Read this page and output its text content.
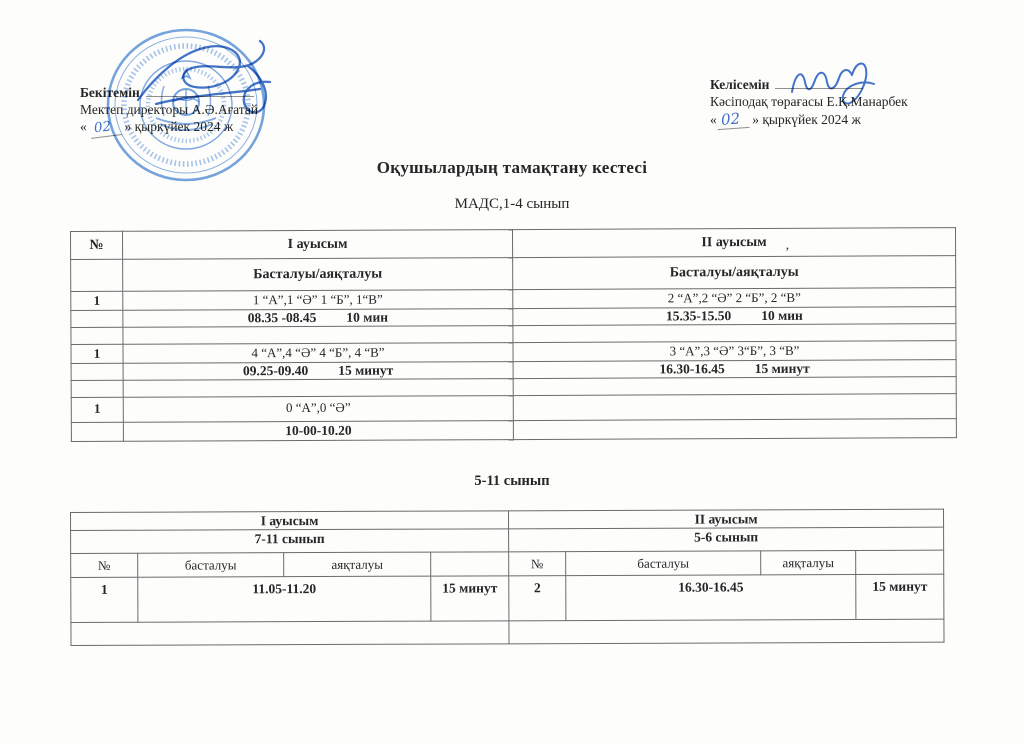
Бекітемін
Мектеп директоры А.Ә.Ағатай
« 02 » қыркүйек 2024 ж
Келісемін
Кәсіподақ төрағасы Е.Қ.Манарбек
« 02 » қыркүйек 2024 ж
Оқушылардың тамақтану кестесі
МАДС,1-4 сынып
‚
№	I ауысым	II ауысым
	Басталуы/аяқталуы	Басталуы/аяқталуы
1	1 “А”,1 “Ә” 1 “Б”, 1“В”	2 “А”,2 “Ә” 2 “Б”, 2 “В”

	08.35 -08.45 10 мин	15.35-15.50 10 мин

1	4 “А”,4 “Ә” 4 “Б”, 4 “В”	3 “А”,3 “Ә” 3“Б”, 3 “В”

	09.25-09.40 15 минут	16.30-16.45 15 минут

1	0 “А”,0 “Ә”	

	10-00-10.20	

5-11 сынып
I ауысым				II ауысым			
7-11 сынып				5-6 сынып			
№	басталуы	аяқталуы		№	басталуы	аяқталуы	
1	11.05-11.20		15 минут	2	16.30-16.45		15 минут
